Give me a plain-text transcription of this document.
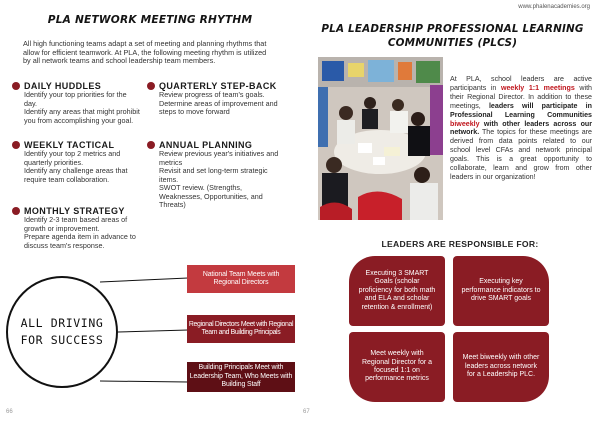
PLA NETWORK MEETING RHYTHM
All high functioning teams adapt a set of meeting and planning rhythms that
allow for efficient teamwork. At PLA, the following meeting rhythm is utilized
by all network teams and school leadership team members.
DAILY HUDDLES
Identify your top priorities for the
day.
Identify any areas that might prohibit
you from accomplishing your goal.
QUARTERLY STEP-BACK
Review progress of team's goals.
Determine areas of improvement and
steps to move forward
WEEKLY TACTICAL
Identify your top 2 metrics and
quarterly priorities.
Identify any challenge areas that
require team collaboration.
ANNUAL PLANNING
Review previous year's initiatives and
metrics
Revisit and set long-term strategic
items.
SWOT review. (Strengths,
Weaknesses, Opportunities, and
Threats)
MONTHLY STRATEGY
Identify 2-3 team based areas of
growth or improvement.
Prepare agenda item in advance to
discuss team's response.
ALL DRIVING
FOR SUCCESS
National Team Meets with
Regional Directors
Regional Directors Meet with Regional
Team and Building Principals
Building Principals Meet with
Leadership Team, Who Meets with
Building Staff
66
www.phalenacademies.org
PLA LEADERSHIP PROFESSIONAL LEARNING
COMMUNITIES (PLCS)
At PLA, school leaders are active participants in weekly 1:1 meetings with their Regional Director. In addition to these meetings, leaders will participate in Professional Learning Communities biweekly with other leaders across our network. The topics for these meetings are derived from data points related to our school level CFAs and network principal goals. This is a great opportunity to collaborate, learn and grow from other leaders in our organization!
LEADERS ARE RESPONSIBLE FOR:
Executing 3 SMART Goals (scholar proficiency for both math and ELA and scholar retention & enrollment)
Executing key performance indicators to drive SMART goals
Meet weekly with Regional Director for a focused 1:1 on performance metrics
Meet biweekly with other leaders across network for a Leadership PLC.
67
